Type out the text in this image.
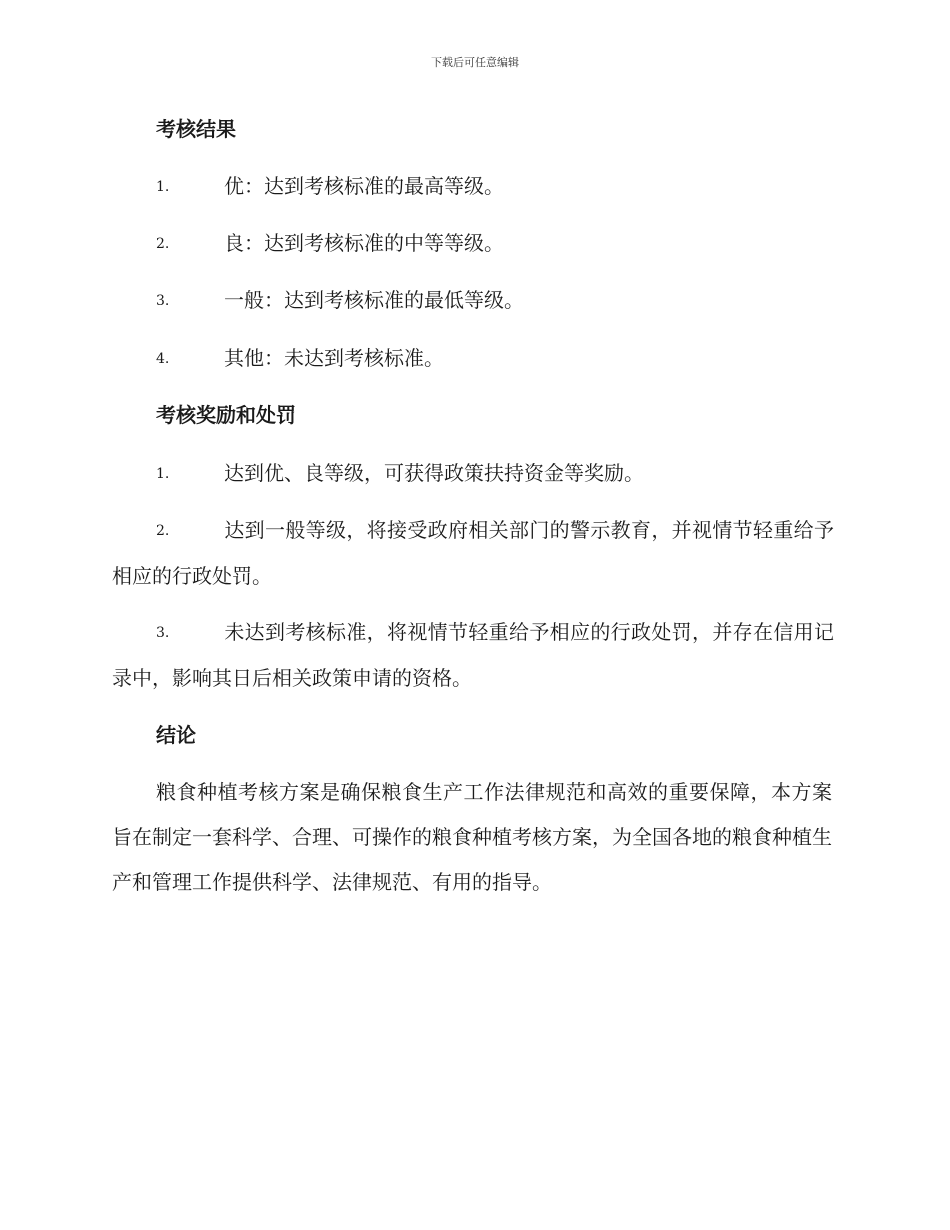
下载后可任意编辑
考核结果
1.	优：达到考核标准的最高等级。
2.	良：达到考核标准的中等等级。
3.	一般：达到考核标准的最低等级。
4.	其他：未达到考核标准。
考核奖励和处罚
1.	达到优、良等级，可获得政策扶持资金等奖励。
2.	达到一般等级，将接受政府相关部门的警示教育，并视情节轻重给予相应的行政处罚。
3.	未达到考核标准，将视情节轻重给予相应的行政处罚，并存在信用记录中，影响其日后相关政策申请的资格。
结论
粮食种植考核方案是确保粮食生产工作法律规范和高效的重要保障，本方案旨在制定一套科学、合理、可操作的粮食种植考核方案，为全国各地的粮食种植生产和管理工作提供科学、法律规范、有用的指导。
